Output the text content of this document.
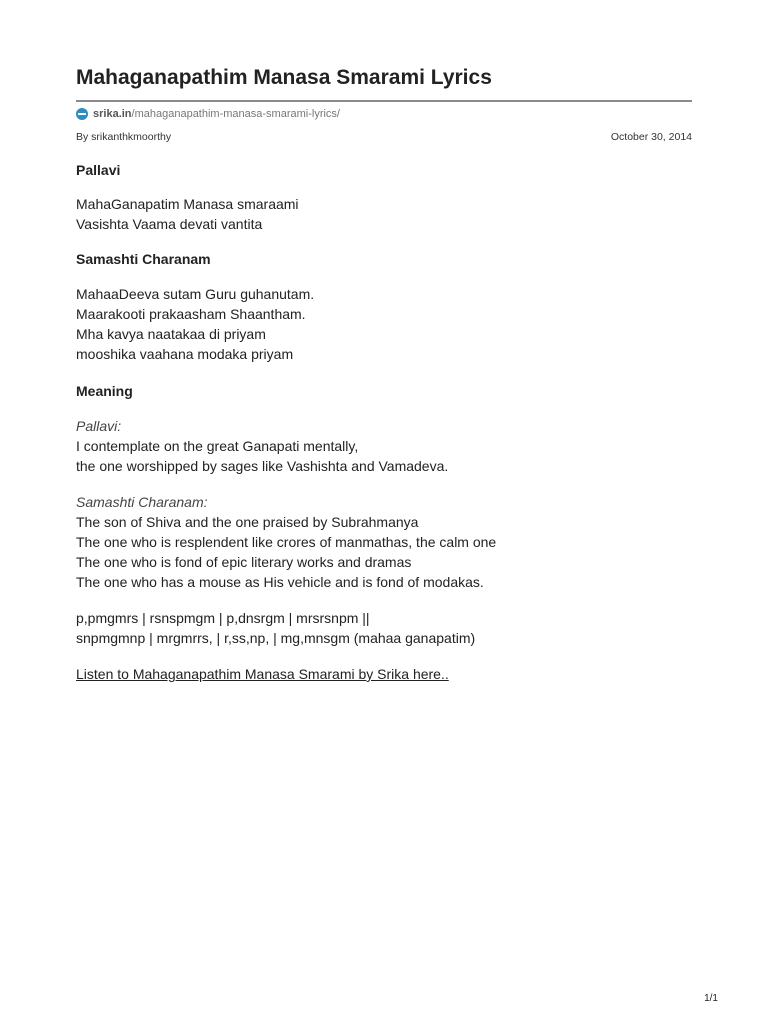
Mahaganapathim Manasa Smarami Lyrics
srika.in /mahaganapathim-manasa-smarami-lyrics/
By srikanthkmoorthy	October 30, 2014
Pallavi

MahaGanapatim Manasa smaraami
Vasishta Vaama devati vantita

Samashti Charanam

MahaaDeeva sutam Guru guhanutam.
Maarakooti prakaasham Shaantham.
Mha kavya naatakaa di priyam
mooshika vaahana modaka priyam

Meaning

Pallavi:
I contemplate on the great Ganapati mentally,
the one worshipped by sages like Vashishta and Vamadeva.

Samashti Charanam:
The son of Shiva and the one praised by Subrahmanya
The one who is resplendent like crores of manmathas, the calm one
The one who is fond of epic literary works and dramas
The one who has a mouse as His vehicle and is fond of modakas.

p,pmgmrs | rsnspmgm | p,dnsrgm | mrsrsnpm ||
snpmgmnp | mrgmrrs, | r,ss,np, | mg,mnsgm (mahaa ganapatim)

Listen to Mahaganapathim Manasa Smarami by Srika here..

1/1
